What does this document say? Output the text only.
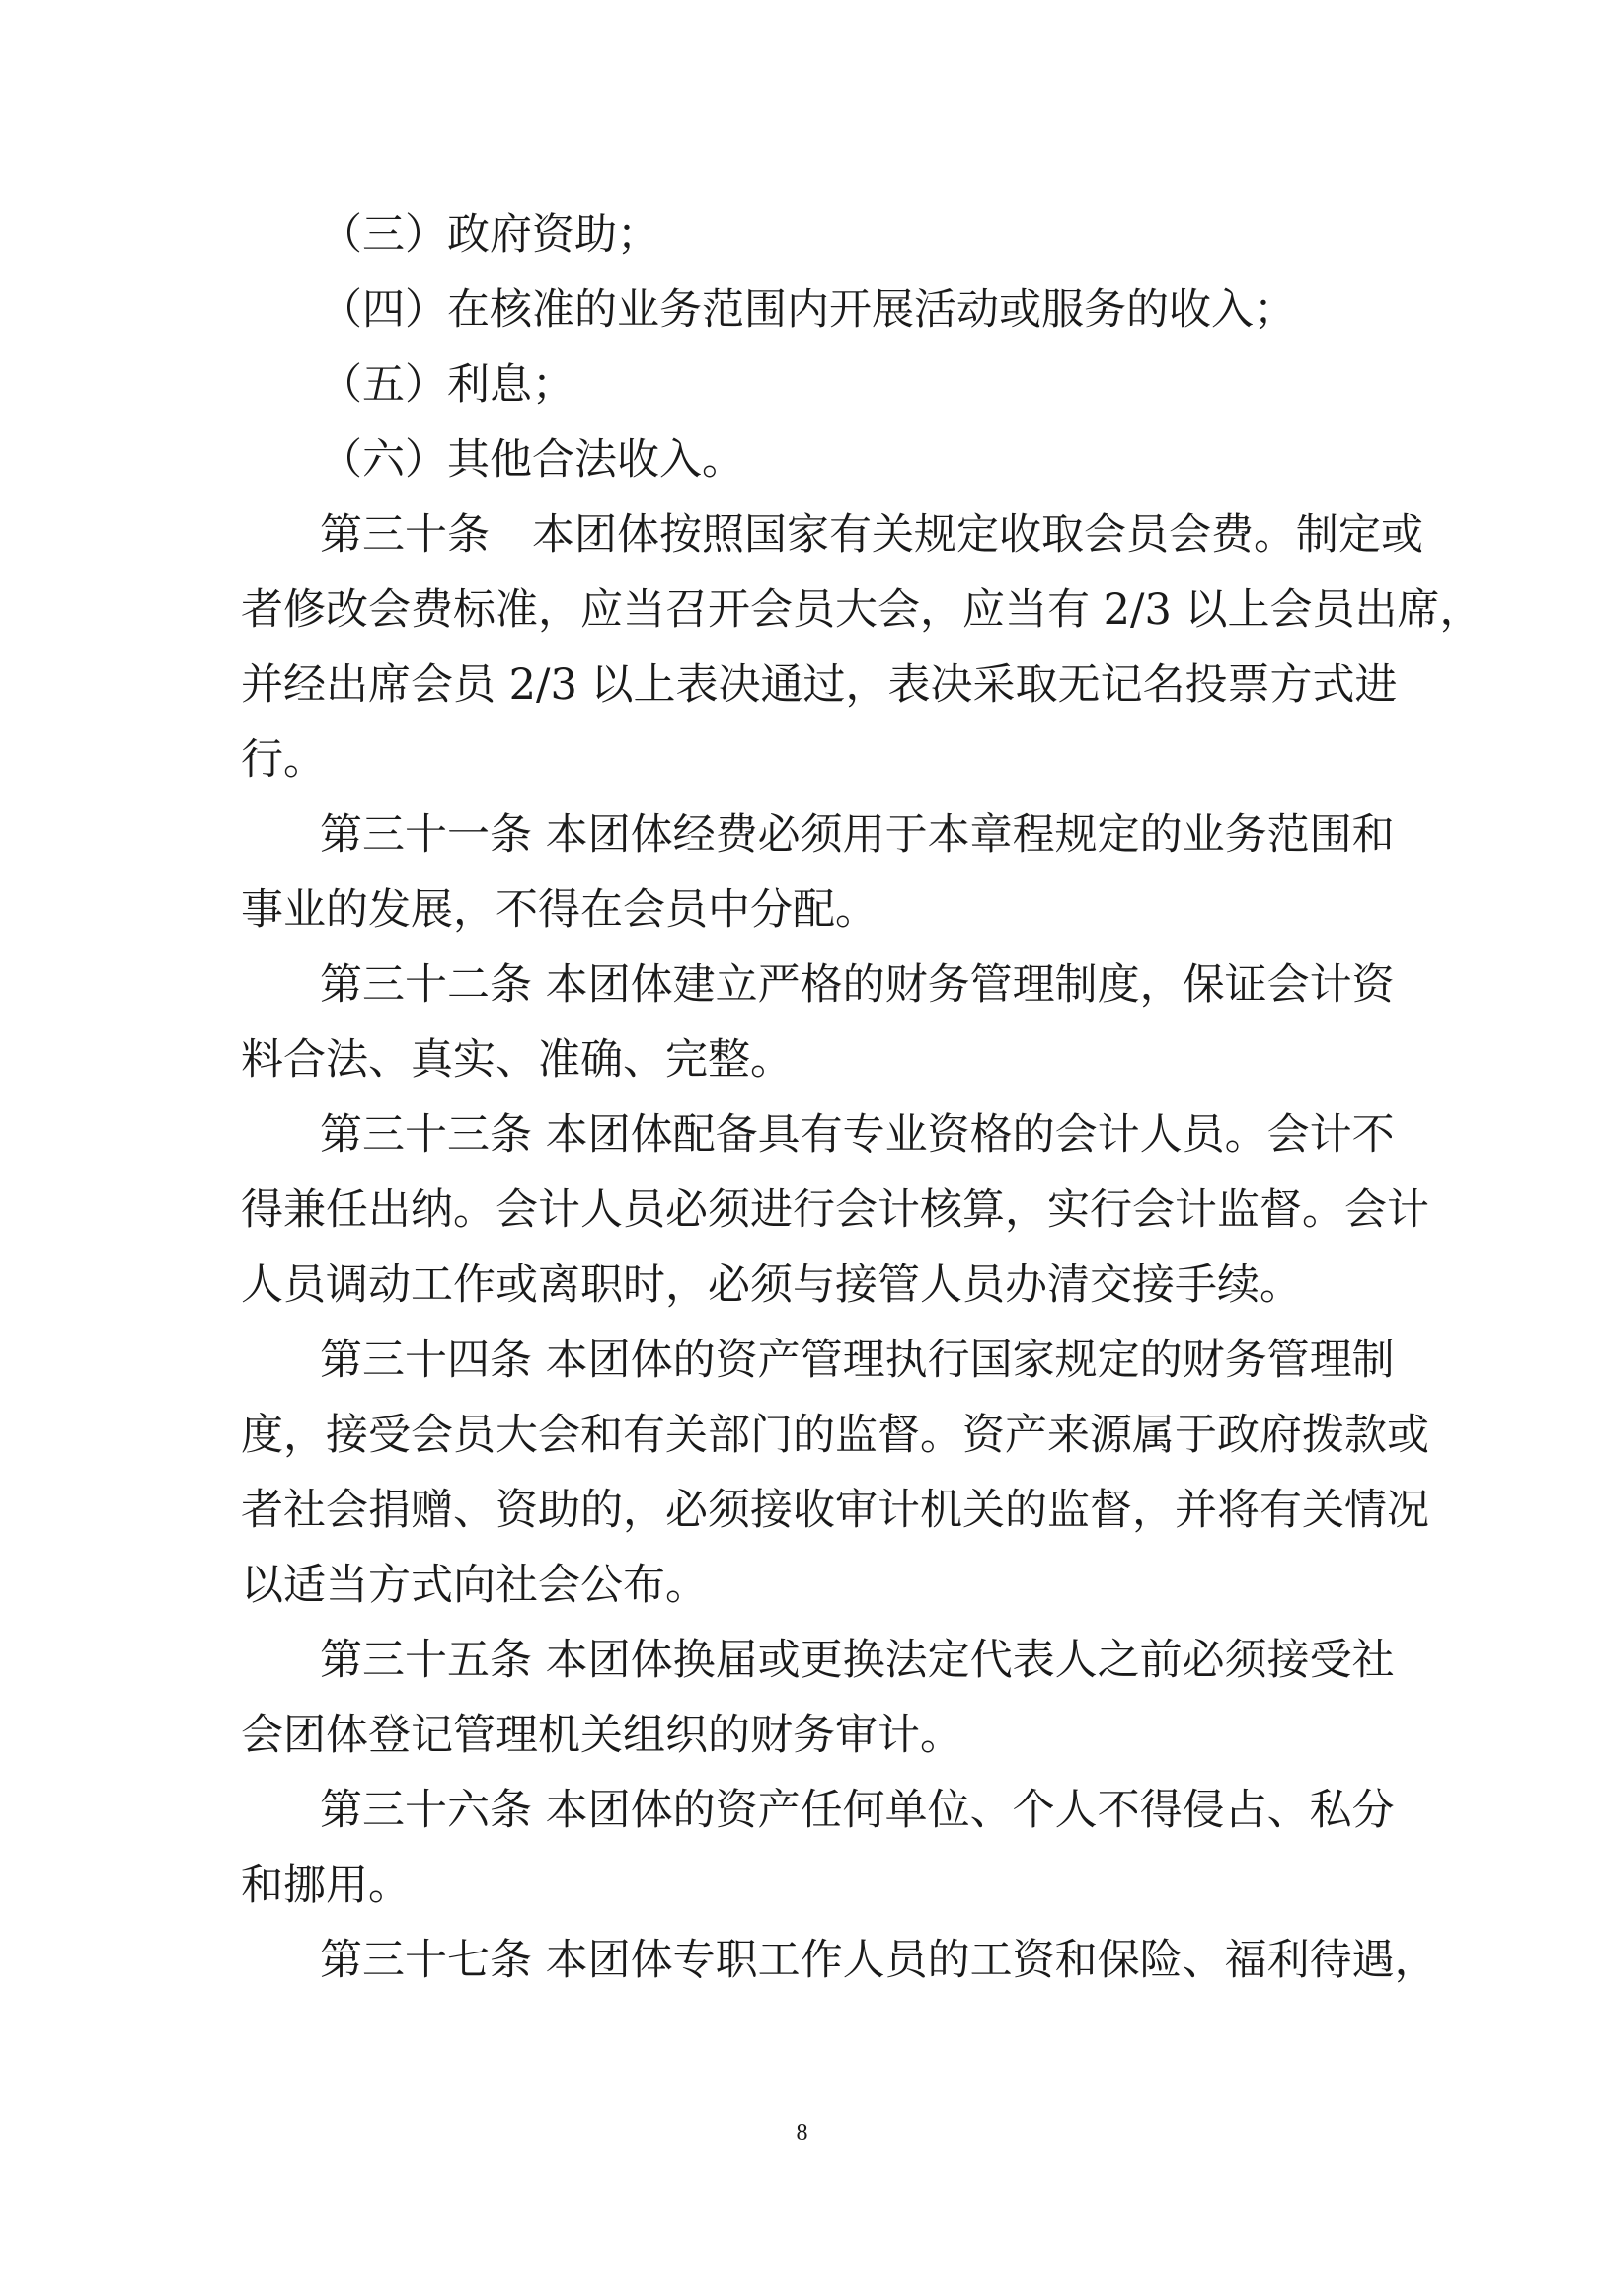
（三）政府资助；
（四）在核准的业务范围内开展活动或服务的收入；
（五）利息；
（六）其他合法收入。
第三十条　本团体按照国家有关规定收取会员会费。制定或
者修改会费标准，应当召开会员大会，应当有 2/3 以上会员出席，
并经出席会员 2/3 以上表决通过，表决采取无记名投票方式进
行。
第三十一条 本团体经费必须用于本章程规定的业务范围和
事业的发展，不得在会员中分配。
第三十二条 本团体建立严格的财务管理制度，保证会计资
料合法、真实、准确、完整。
第三十三条 本团体配备具有专业资格的会计人员。会计不
得兼任出纳。会计人员必须进行会计核算，实行会计监督。会计
人员调动工作或离职时，必须与接管人员办清交接手续。
第三十四条 本团体的资产管理执行国家规定的财务管理制
度，接受会员大会和有关部门的监督。资产来源属于政府拨款或
者社会捐赠、资助的，必须接收审计机关的监督，并将有关情况
以适当方式向社会公布。
第三十五条 本团体换届或更换法定代表人之前必须接受社
会团体登记管理机关组织的财务审计。
第三十六条 本团体的资产任何单位、个人不得侵占、私分
和挪用。
第三十七条 本团体专职工作人员的工资和保险、福利待遇，
8
